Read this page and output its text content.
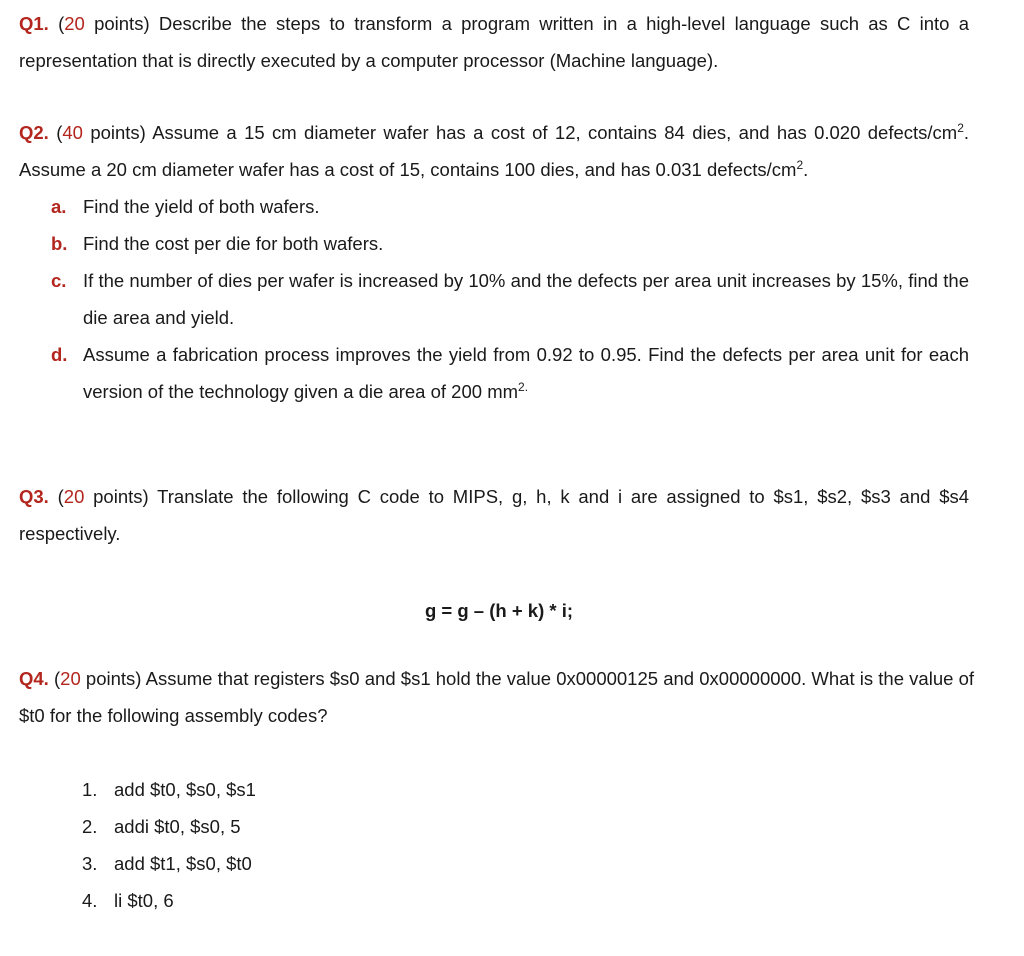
Q1. (20 points) Describe the steps to transform a program written in a high-level language such as C into a representation that is directly executed by a computer processor (Machine language).

Q2. (40 points) Assume a 15 cm diameter wafer has a cost of 12, contains 84 dies, and has 0.020 defects/$cm^2$. Assume a 20 cm diameter wafer has a cost of 15, contains 100 dies, and has 0.031 defects/$cm^2$.

a. Find the yield of both wafers.
b. Find the cost per die for both wafers.
c. If the number of dies per wafer is increased by 10% and the defects per area unit increases by 15%, find the die area and yield.
d. Assume a fabrication process improves the yield from 0.92 to 0.95. Find the defects per area unit for each version of the technology given a die area of 200 $mm^{2.}$

Q3. (20 points) Translate the following C code to MIPS, g, h, k and i are assigned to $s1, $s2, $s3 and $s4 respectively.

g = g – (h + k) * i;

Q4. (20 points) Assume that registers $s0 and $s1 hold the value 0x00000125 and 0x00000000. What is the value of $t0 for the following assembly codes?

1. add $t0, $s0, $s1
2. addi $t0, $s0, 5
3. add $t1, $s0, $t0
4. li $t0, 6
